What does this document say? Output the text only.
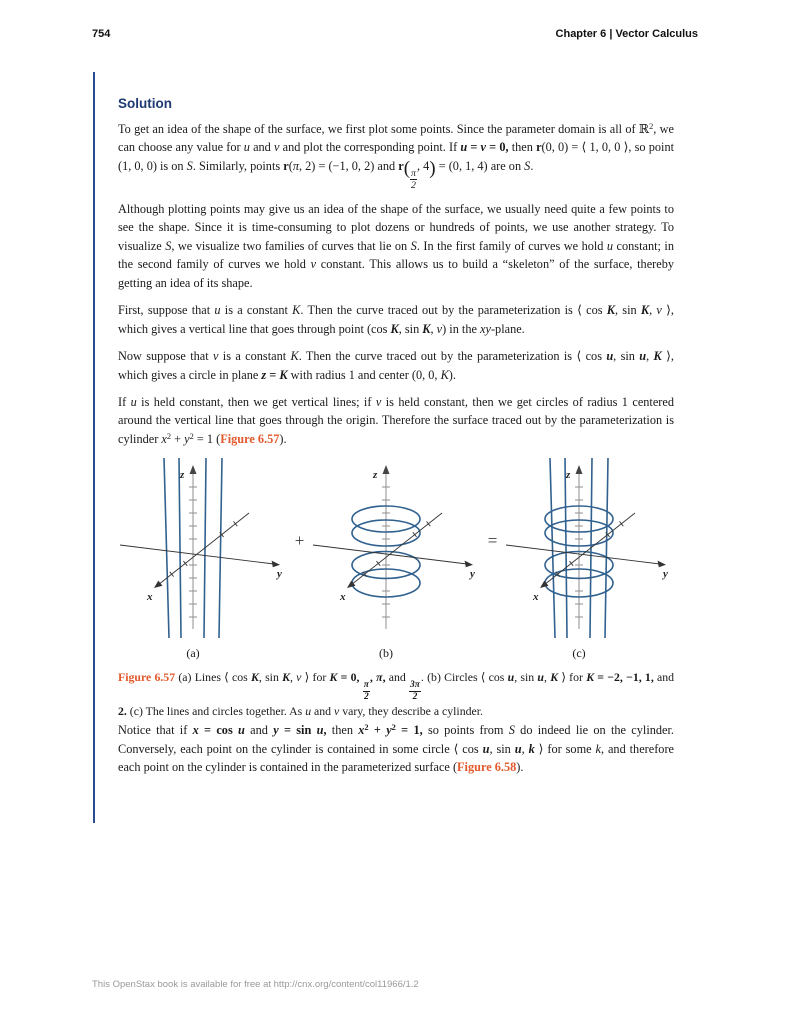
754	Chapter 6 | Vector Calculus
Solution

To get an idea of the shape of the surface, we first plot some points. Since the parameter domain is all of ℝ$^2$, we can choose any value for u and v and plot the corresponding point. If u = v = 0, then r(0, 0) = ⟨ 1, 0, 0 ⟩, so point (1, 0, 0) is on S. Similarly, points r(π, 2) = (−1, 0, 2) and $r( \frac{\pi}{2}$
, 4) = (0, 1, 4) are on S.

Although plotting points may give us an idea of the shape of the surface, we usually need quite a few points to see the shape. Since it is time-consuming to plot dozens or hundreds of points, we use another strategy. To visualize S, we visualize two families of curves that lie on S. In the first family of curves we hold u constant; in the second family of curves we hold v constant. This allows us to build a “skeleton” of the surface, thereby getting an idea of its shape.

First, suppose that u is a constant K. Then the curve traced out by the parameterization is ⟨ cos K, sin K, v ⟩, which gives a vertical line that goes through point (cos K, sin K, v) in the xy-plane.

Now suppose that v is a constant K. Then the curve traced out by the parameterization is ⟨ cos u, sin u, K ⟩, which gives a circle in plane z = K with radius 1 and center (0, 0, K).

If u is held constant, then we get vertical lines; if v is held constant, then we get circles of radius 1 centered around the vertical line that goes through the origin. Therefore the surface traced out by the parameterization is cylinder $x^2 + y^2 = 1$ (Figure 6.57).

z
y
x
(a)
+
z
y
x
(b)
=
z
y
x
(c)
Figure 6.57 (a) Lines ⟨ cos K, sin K, v ⟩ for K = 0,
$\frac{\pi}{2}$
, π, and
$\frac{3\pi}{2}$
. (b) Circles ⟨ cos u, sin u, K ⟩ for K = −2, −1, 1, and 2. (c) The lines and circles together. As u and v vary, they describe a cylinder.

Notice that if x = cos u and y = sin u, then $x^2 + y^2 = 1$, so points from S do indeed lie on the cylinder. Conversely, each point on the cylinder is contained in some circle ⟨ cos u, sin u, k ⟩ for some k, and therefore each point on the cylinder is contained in the parameterized surface (Figure 6.58).

This OpenStax book is available for free at http://cnx.org/content/col11966/1.2
